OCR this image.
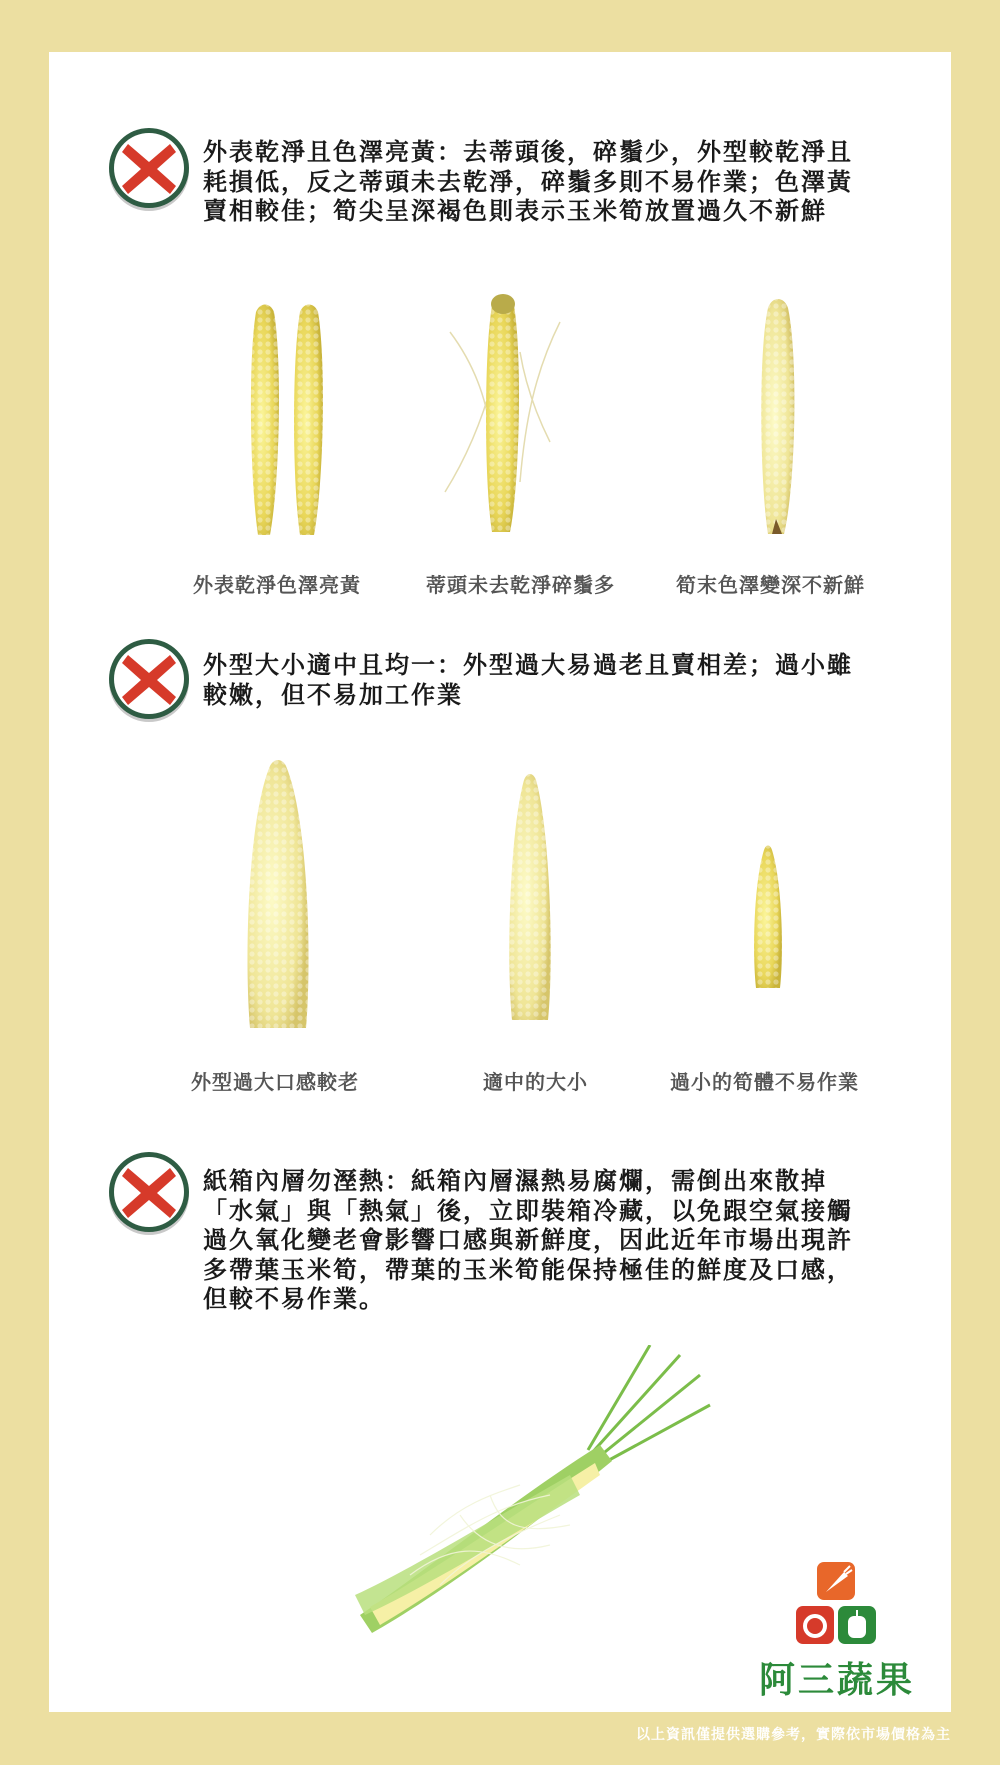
外表乾淨且色澤亮黃：去蒂頭後，碎鬚少，外型較乾淨且耗損低，反之蒂頭未去乾淨，碎鬚多則不易作業；色澤黃賣相較佳；筍尖呈深褐色則表示玉米筍放置過久不新鮮

外表乾淨色澤亮黃	蒂頭未去乾淨碎鬚多	筍末色澤變深不新鮮

外型大小適中且均一：外型過大易過老且賣相差；過小雖較嫩，但不易加工作業

外型過大口感較老	適中的大小	過小的筍體不易作業

紙箱內層勿溼熱：紙箱內層濕熱易腐爛，需倒出來散掉「水氣」與「熱氣」後，立即裝箱冷藏，以免跟空氣接觸過久氧化變老會影響口感與新鮮度，因此近年市場出現許多帶葉玉米筍，帶葉的玉米筍能保持極佳的鮮度及口感，但較不易作業。

阿三蔬果
以上資訊僅提供選購參考，實際依市場價格為主
